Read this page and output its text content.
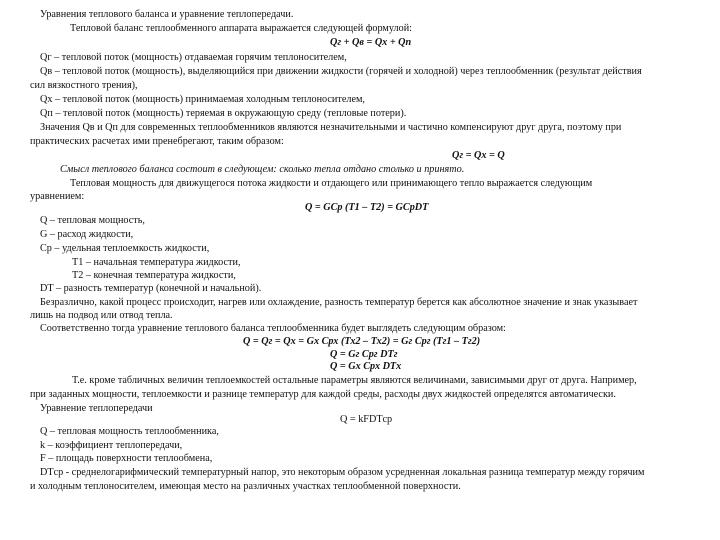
Уравнения теплового баланса и уравнение теплопередачи.
Тепловой баланс теплообменного аппарата выражается следующей формулой:
Qг + Qв = Qх + Qп
Qг – тепловой поток (мощность) отдаваемая горячим теплоносителем,
Qв – тепловой поток (мощность), выделяющийся при движении жидкости (горячей и холодной) через теплообменник (результат действия
сил вязкостного трения),
Qх – тепловой поток (мощность) принимаемая холодным теплоносителем,
Qп – тепловой поток (мощность) теряемая в окружающую среду (тепловые потери).
Значения Qв и Qп для современных теплообменников являются незначительными и частично компенсируют друг друга, поэтому при
практических расчетах ими пренебрегают, таким образом:
Qг = Qх = Q
Смысл теплового баланса состоит в следующем: сколько тепла отдано столько и принято.
Тепловая мощность для движущегося потока жидкости и отдающего или принимающего тепло выражается следующим
уравнением:
Q = GCp (T1 – T2) = GCpDT
Q – тепловая мощность,
G – расход жидкости,
Cp – удельная теплоемкость жидкости,
T1 – начальная температура жидкости,
T2 – конечная температура жидкости,
DT – разность температур (конечной и начальной).
Безразлично, какой процесс происходит, нагрев или охлаждение, разность температур берется как абсолютное значение и знак указывает
лишь на подвод или отвод тепла.
Соответственно тогда уравнение теплового баланса теплообменника будет выглядеть следующим образом:
Q = Qг = Qх = Gх Срх (Тх2 – Тх2) = Gг Срг (Тг1 – Тг2)
Q = Gг Срг DTг
Q = Gх Срх DTх
Т.е. кроме табличных величин теплоемкостей остальные параметры являются величинами, зависимыми друг от друга. Например,
при заданных мощности, теплоемкости и разнице температур для каждой среды, расходы двух жидкостей определятся автоматически.
Уравнение теплопередачи
Q = kFDTср
Q – тепловая мощность теплообменника,
k – коэффициент теплопередачи,
F – площадь поверхности теплообмена,
DTср - среднелогарифмический температурный напор, это некоторым образом усредненная локальная разница температур между горячим
и холодным теплоносителем, имеющая место на различных участках теплообменной поверхности.
